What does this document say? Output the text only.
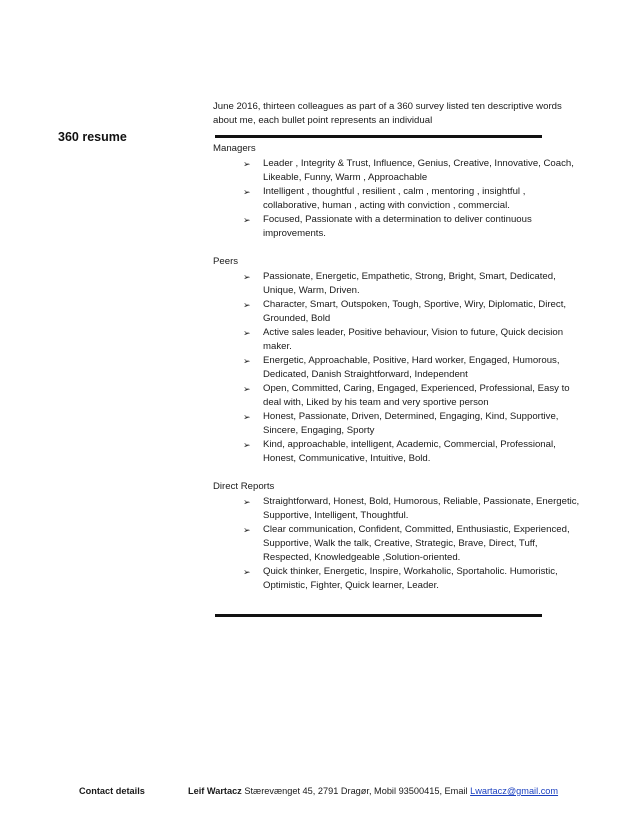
360 resume

June 2016, thirteen colleagues as part of a 360 survey listed ten descriptive words about me, each bullet point represents an individual

Managers

➢ Leader , Integrity & Trust, Influence, Genius, Creative, Innovative, Coach, Likeable, Funny, Warm , Approachable
➢ Intelligent , thoughtful , resilient , calm , mentoring , insightful , collaborative, human , acting with conviction , commercial.
➢ Focused, Passionate with a determination to deliver continuous improvements.

Peers

➢ Passionate, Energetic, Empathetic, Strong, Bright, Smart, Dedicated, Unique, Warm, Driven.
➢ Character, Smart, Outspoken, Tough, Sportive, Wiry, Diplomatic, Direct, Grounded, Bold
➢ Active sales leader, Positive behaviour, Vision to future, Quick decision maker.
➢ Energetic, Approachable, Positive, Hard worker, Engaged, Humorous, Dedicated, Danish Straightforward, Independent
➢ Open, Committed, Caring, Engaged, Experienced, Professional, Easy to deal with, Liked by his team and very sportive person
➢ Honest, Passionate, Driven, Determined, Engaging, Kind, Supportive, Sincere, Engaging, Sporty
➢ Kind, approachable, intelligent, Academic, Commercial, Professional, Honest, Communicative, Intuitive, Bold.

Direct Reports

➢ Straightforward, Honest, Bold, Humorous, Reliable, Passionate, Energetic, Supportive, Intelligent, Thoughtful.
➢ Clear communication, Confident, Committed, Enthusiastic, Experienced, Supportive, Walk the talk, Creative, Strategic, Brave, Direct, Tuff, Respected, Knowledgeable ,Solution-oriented.
➢ Quick thinker, Energetic, Inspire, Workaholic, Sportaholic. Humoristic, Optimistic, Fighter, Quick learner, Leader.
Contact details	Leif Wartacz Stærevænget 45, 2791 Dragør, Mobil 93500415, Email Lwartacz@gmail.com
